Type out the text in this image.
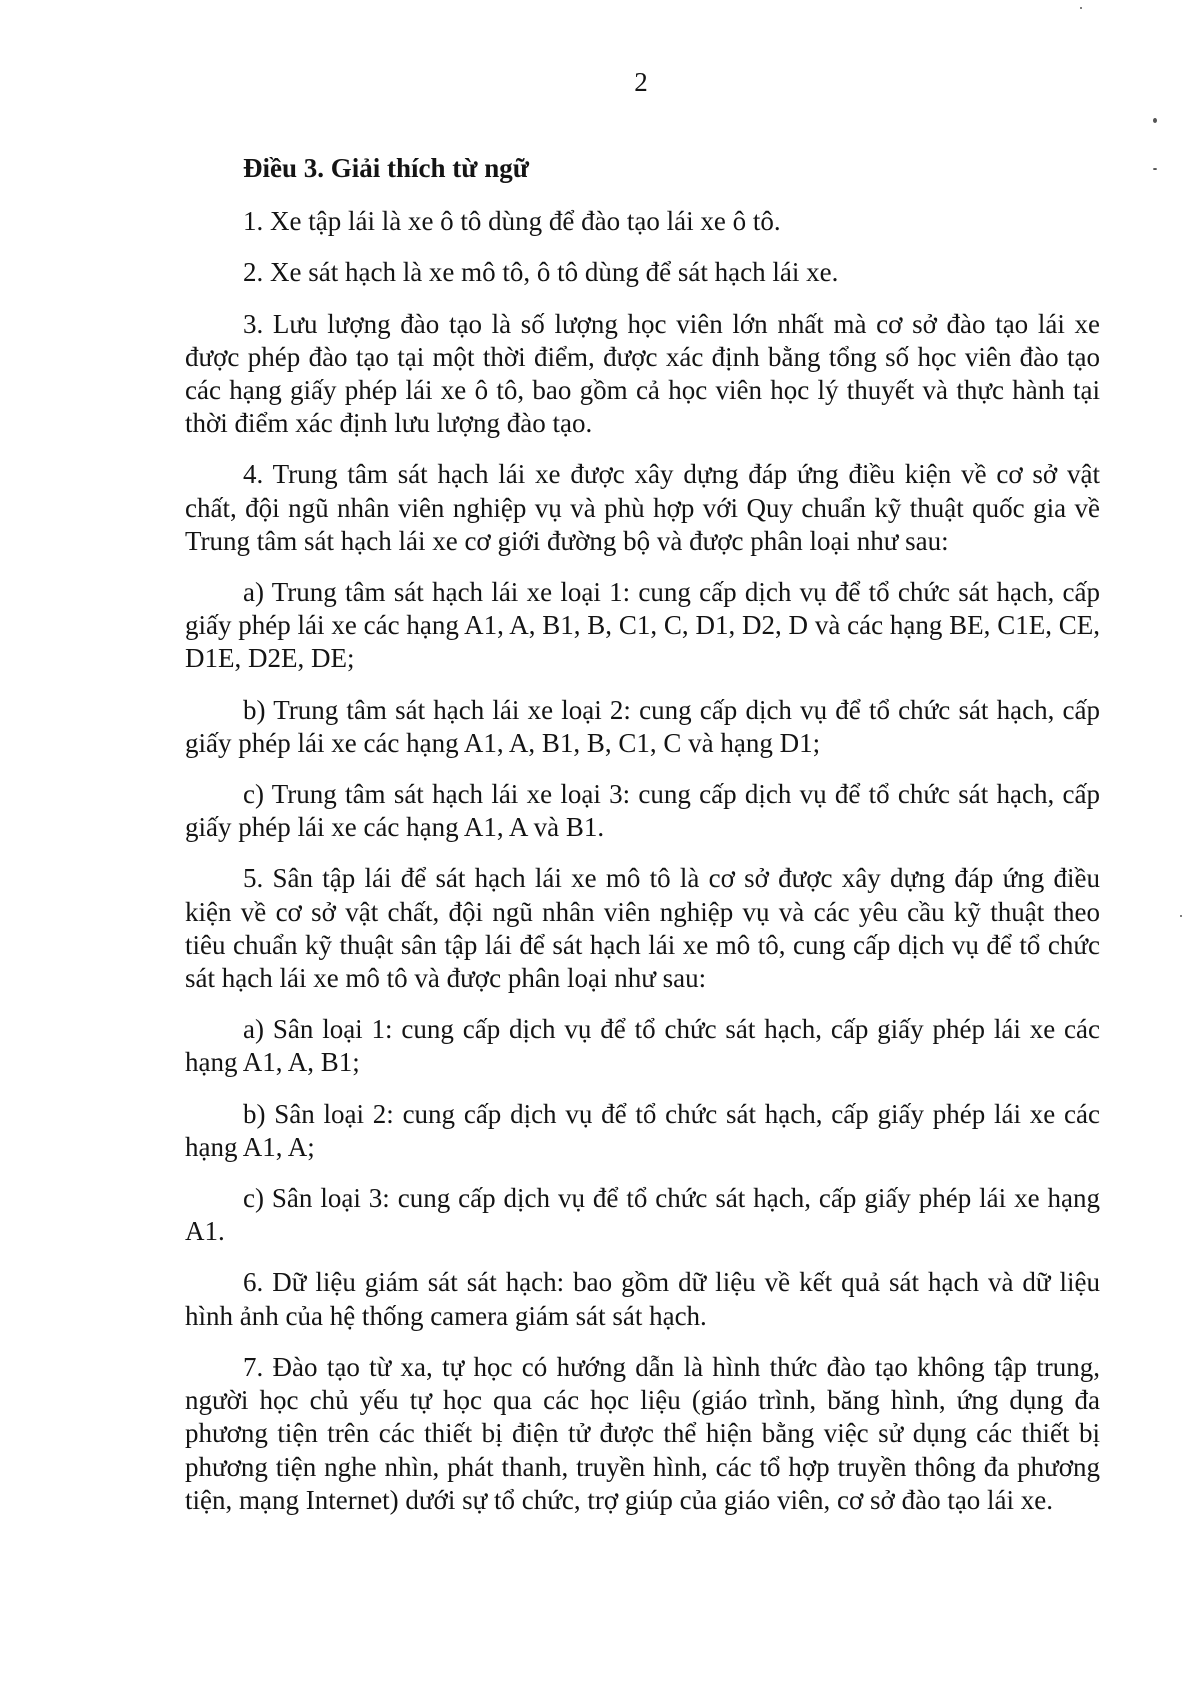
2
Điều 3. Giải thích từ ngữ

1. Xe tập lái là xe ô tô dùng để đào tạo lái xe ô tô.

2. Xe sát hạch là xe mô tô, ô tô dùng để sát hạch lái xe.

3. Lưu lượng đào tạo là số lượng học viên lớn nhất mà cơ sở đào tạo lái xe được phép đào tạo tại một thời điểm, được xác định bằng tổng số học viên đào tạo các hạng giấy phép lái xe ô tô, bao gồm cả học viên học lý thuyết và thực hành tại thời điểm xác định lưu lượng đào tạo.

4. Trung tâm sát hạch lái xe được xây dựng đáp ứng điều kiện về cơ sở vật chất, đội ngũ nhân viên nghiệp vụ và phù hợp với Quy chuẩn kỹ thuật quốc gia về Trung tâm sát hạch lái xe cơ giới đường bộ và được phân loại như sau:

a) Trung tâm sát hạch lái xe loại 1: cung cấp dịch vụ để tổ chức sát hạch, cấp giấy phép lái xe các hạng A1, A, B1, B, C1, C, D1, D2, D và các hạng BE, C1E, CE, D1E, D2E, DE;

b) Trung tâm sát hạch lái xe loại 2: cung cấp dịch vụ để tổ chức sát hạch, cấp giấy phép lái xe các hạng A1, A, B1, B, C1, C và hạng D1;

c) Trung tâm sát hạch lái xe loại 3: cung cấp dịch vụ để tổ chức sát hạch, cấp giấy phép lái xe các hạng A1, A và B1.

5. Sân tập lái để sát hạch lái xe mô tô là cơ sở được xây dựng đáp ứng điều kiện về cơ sở vật chất, đội ngũ nhân viên nghiệp vụ và các yêu cầu kỹ thuật theo tiêu chuẩn kỹ thuật sân tập lái để sát hạch lái xe mô tô, cung cấp dịch vụ để tổ chức sát hạch lái xe mô tô và được phân loại như sau:

a) Sân loại 1: cung cấp dịch vụ để tổ chức sát hạch, cấp giấy phép lái xe các hạng A1, A, B1;

b) Sân loại 2: cung cấp dịch vụ để tổ chức sát hạch, cấp giấy phép lái xe các hạng A1, A;

c) Sân loại 3: cung cấp dịch vụ để tổ chức sát hạch, cấp giấy phép lái xe hạng A1.

6. Dữ liệu giám sát sát hạch: bao gồm dữ liệu về kết quả sát hạch và dữ liệu hình ảnh của hệ thống camera giám sát sát hạch.

7. Đào tạo từ xa, tự học có hướng dẫn là hình thức đào tạo không tập trung, người học chủ yếu tự học qua các học liệu (giáo trình, băng hình, ứng dụng đa phương tiện trên các thiết bị điện tử được thể hiện bằng việc sử dụng các thiết bị phương tiện nghe nhìn, phát thanh, truyền hình, các tổ hợp truyền thông đa phương tiện, mạng Internet) dưới sự tổ chức, trợ giúp của giáo viên, cơ sở đào tạo lái xe.
